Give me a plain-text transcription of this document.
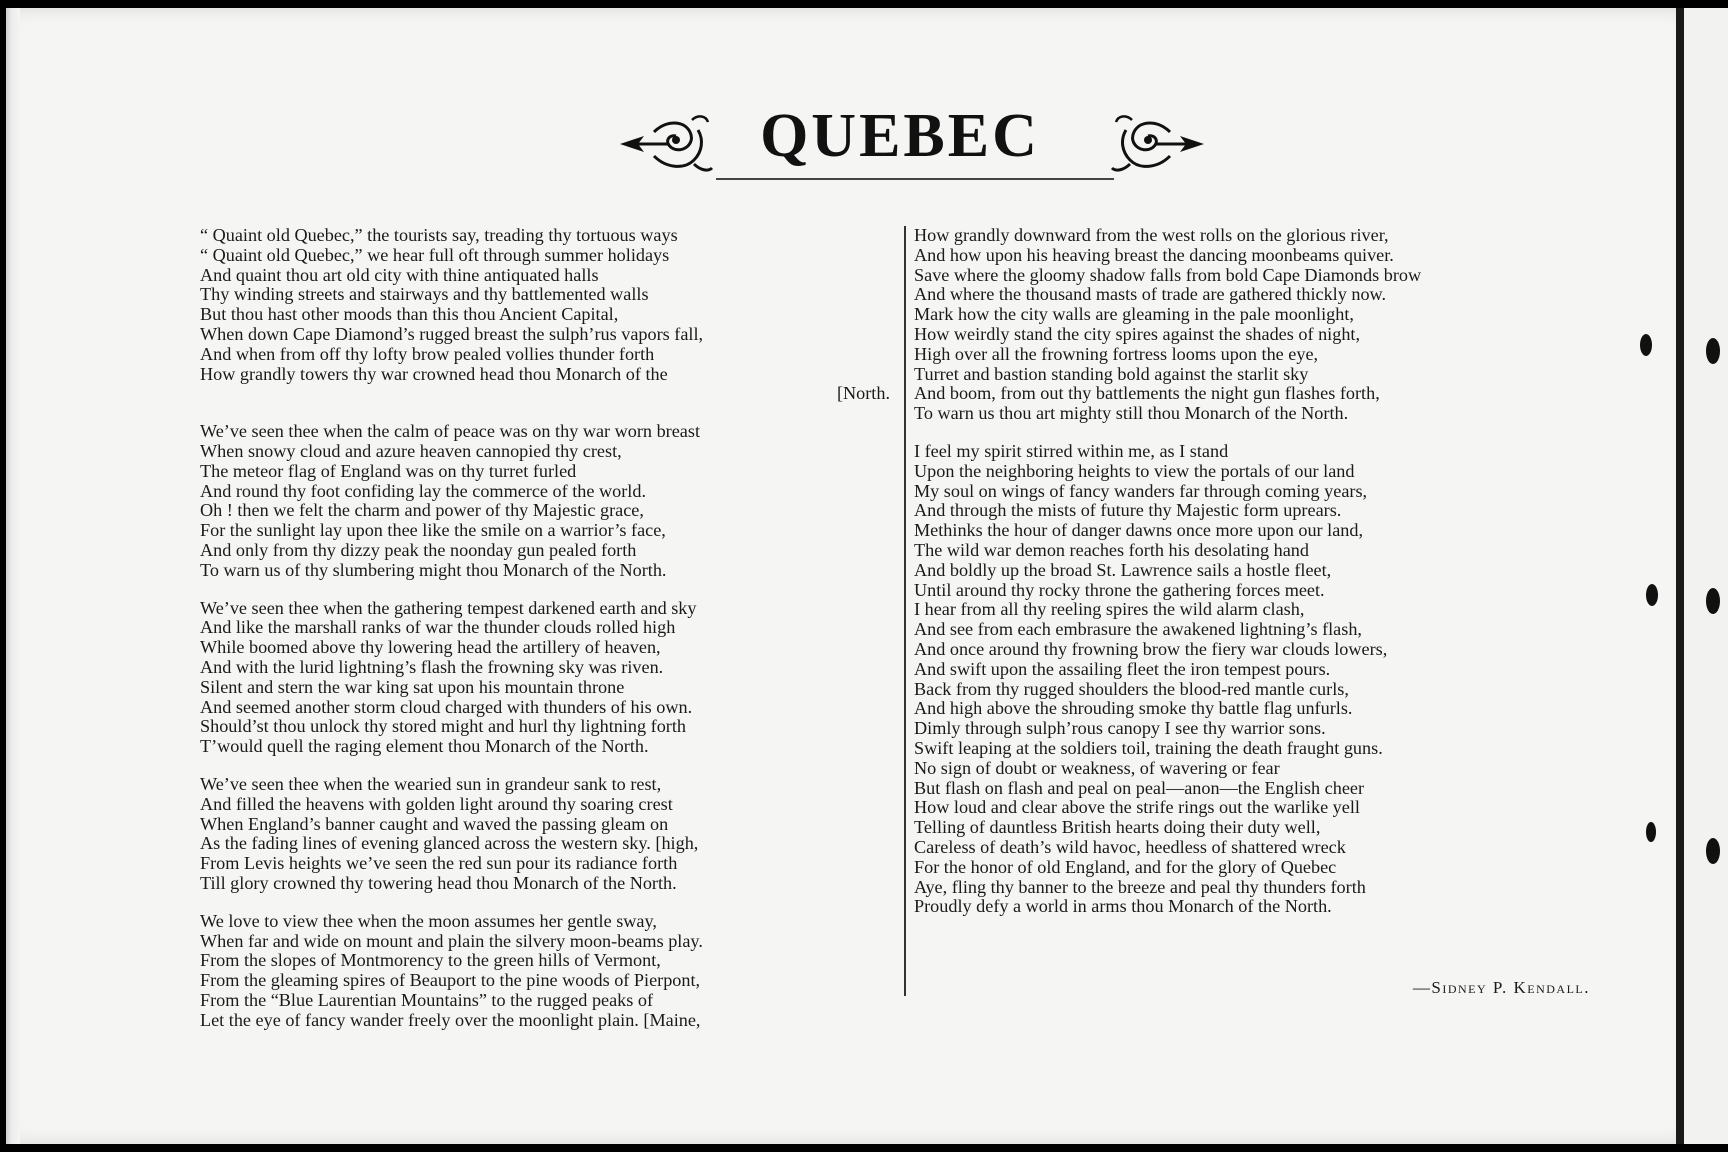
QUEBEC
“ Quaint old Quebec,” the tourists say, treading thy tortuous ways
“ Quaint old Quebec,” we hear full oft through summer holidays
And quaint thou art old city with thine antiquated halls
Thy winding streets and stairways and thy battlemented walls
But thou hast other moods than this thou Ancient Capital,
When down Cape Diamond’s rugged breast the sulph’rus vapors fall,
And when from off thy lofty brow pealed vollies thunder forth
How grandly towers thy war crowned head thou Monarch of the
[North.
We’ve seen thee when the calm of peace was on thy war worn breast
When snowy cloud and azure heaven cannopied thy crest,
The meteor flag of England was on thy turret furled
And round thy foot confiding lay the commerce of the world.
Oh ! then we felt the charm and power of thy Majestic grace,
For the sunlight lay upon thee like the smile on a warrior’s face,
And only from thy dizzy peak the noonday gun pealed forth
To warn us of thy slumbering might thou Monarch of the North.
We’ve seen thee when the gathering tempest darkened earth and sky
And like the marshall ranks of war the thunder clouds rolled high
While boomed above thy lowering head the artillery of heaven,
And with the lurid lightning’s flash the frowning sky was riven.
Silent and stern the war king sat upon his mountain throne
And seemed another storm cloud charged with thunders of his own.
Should’st thou unlock thy stored might and hurl thy lightning forth
T’would quell the raging element thou Monarch of the North.
We’ve seen thee when the wearied sun in grandeur sank to rest,
And filled the heavens with golden light around thy soaring crest
When England’s banner caught and waved the passing gleam on
As the fading lines of evening glanced across the western sky. [high,
From Levis heights we’ve seen the red sun pour its radiance forth
Till glory crowned thy towering head thou Monarch of the North.
We love to view thee when the moon assumes her gentle sway,
When far and wide on mount and plain the silvery moon-beams play.
From the slopes of Montmorency to the green hills of Vermont,
From the gleaming spires of Beauport to the pine woods of Pierpont,
From the “Blue Laurentian Mountains” to the rugged peaks of
Let the eye of fancy wander freely over the moonlight plain. [Maine,
How grandly downward from the west rolls on the glorious river,
And how upon his heaving breast the dancing moonbeams quiver.
Save where the gloomy shadow falls from bold Cape Diamonds brow
And where the thousand masts of trade are gathered thickly now.
Mark how the city walls are gleaming in the pale moonlight,
How weirdly stand the city spires against the shades of night,
High over all the frowning fortress looms upon the eye,
Turret and bastion standing bold against the starlit sky
And boom, from out thy battlements the night gun flashes forth,
To warn us thou art mighty still thou Monarch of the North.
I feel my spirit stirred within me, as I stand
Upon the neighboring heights to view the portals of our land
My soul on wings of fancy wanders far through coming years,
And through the mists of future thy Majestic form uprears.
Methinks the hour of danger dawns once more upon our land,
The wild war demon reaches forth his desolating hand
And boldly up the broad St. Lawrence sails a hostle fleet,
Until around thy rocky throne the gathering forces meet.
I hear from all thy reeling spires the wild alarm clash,
And see from each embrasure the awakened lightning’s flash,
And once around thy frowning brow the fiery war clouds lowers,
And swift upon the assailing fleet the iron tempest pours.
Back from thy rugged shoulders the blood-red mantle curls,
And high above the shrouding smoke thy battle flag unfurls.
Dimly through sulph’rous canopy I see thy warrior sons.
Swift leaping at the soldiers toil, training the death fraught guns.
No sign of doubt or weakness, of wavering or fear
But flash on flash and peal on peal—anon—the English cheer
How loud and clear above the strife rings out the warlike yell
Telling of dauntless British hearts doing their duty well,
Careless of death’s wild havoc, heedless of shattered wreck
For the honor of old England, and for the glory of Quebec
Aye, fling thy banner to the breeze and peal thy thunders forth
Proudly defy a world in arms thou Monarch of the North.
—Sidney P. Kendall.
